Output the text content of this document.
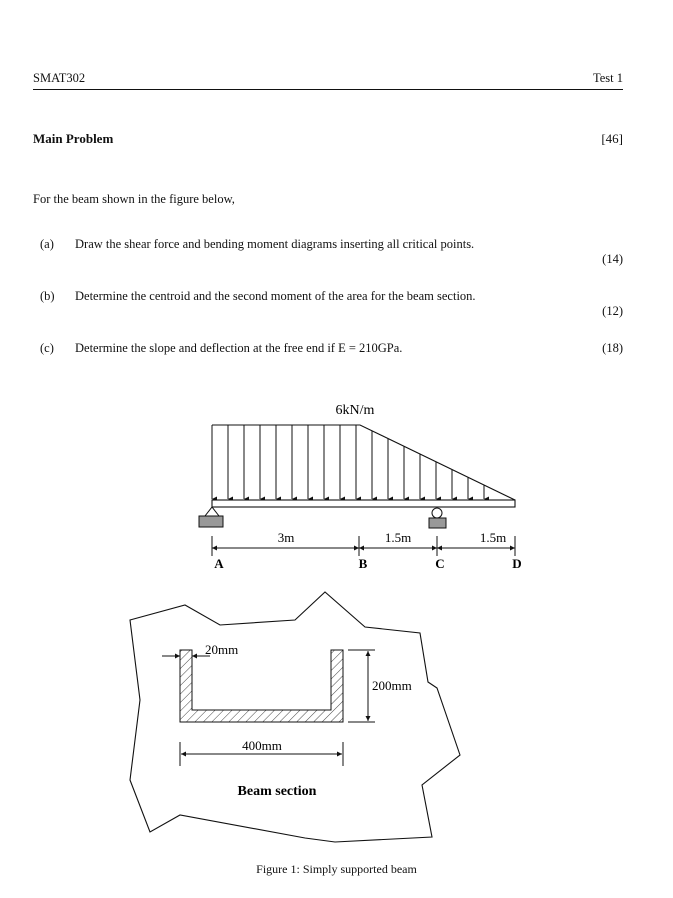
SMAT302	Test 1
Main Problem	[46]
For the beam shown in the figure below,
(a) Draw the shear force and bending moment diagrams inserting all critical points.
(14)
(b) Determine the centroid and the second moment of the area for the beam section.
(12)
(c) Determine the slope and deflection at the free end if E = 210GPa.	(18)
6kN/m
3m	1.5m	1.5m
A	B	C	D
20mm
200mm
400mm
Beam section
Figure 1: Simply supported beam
